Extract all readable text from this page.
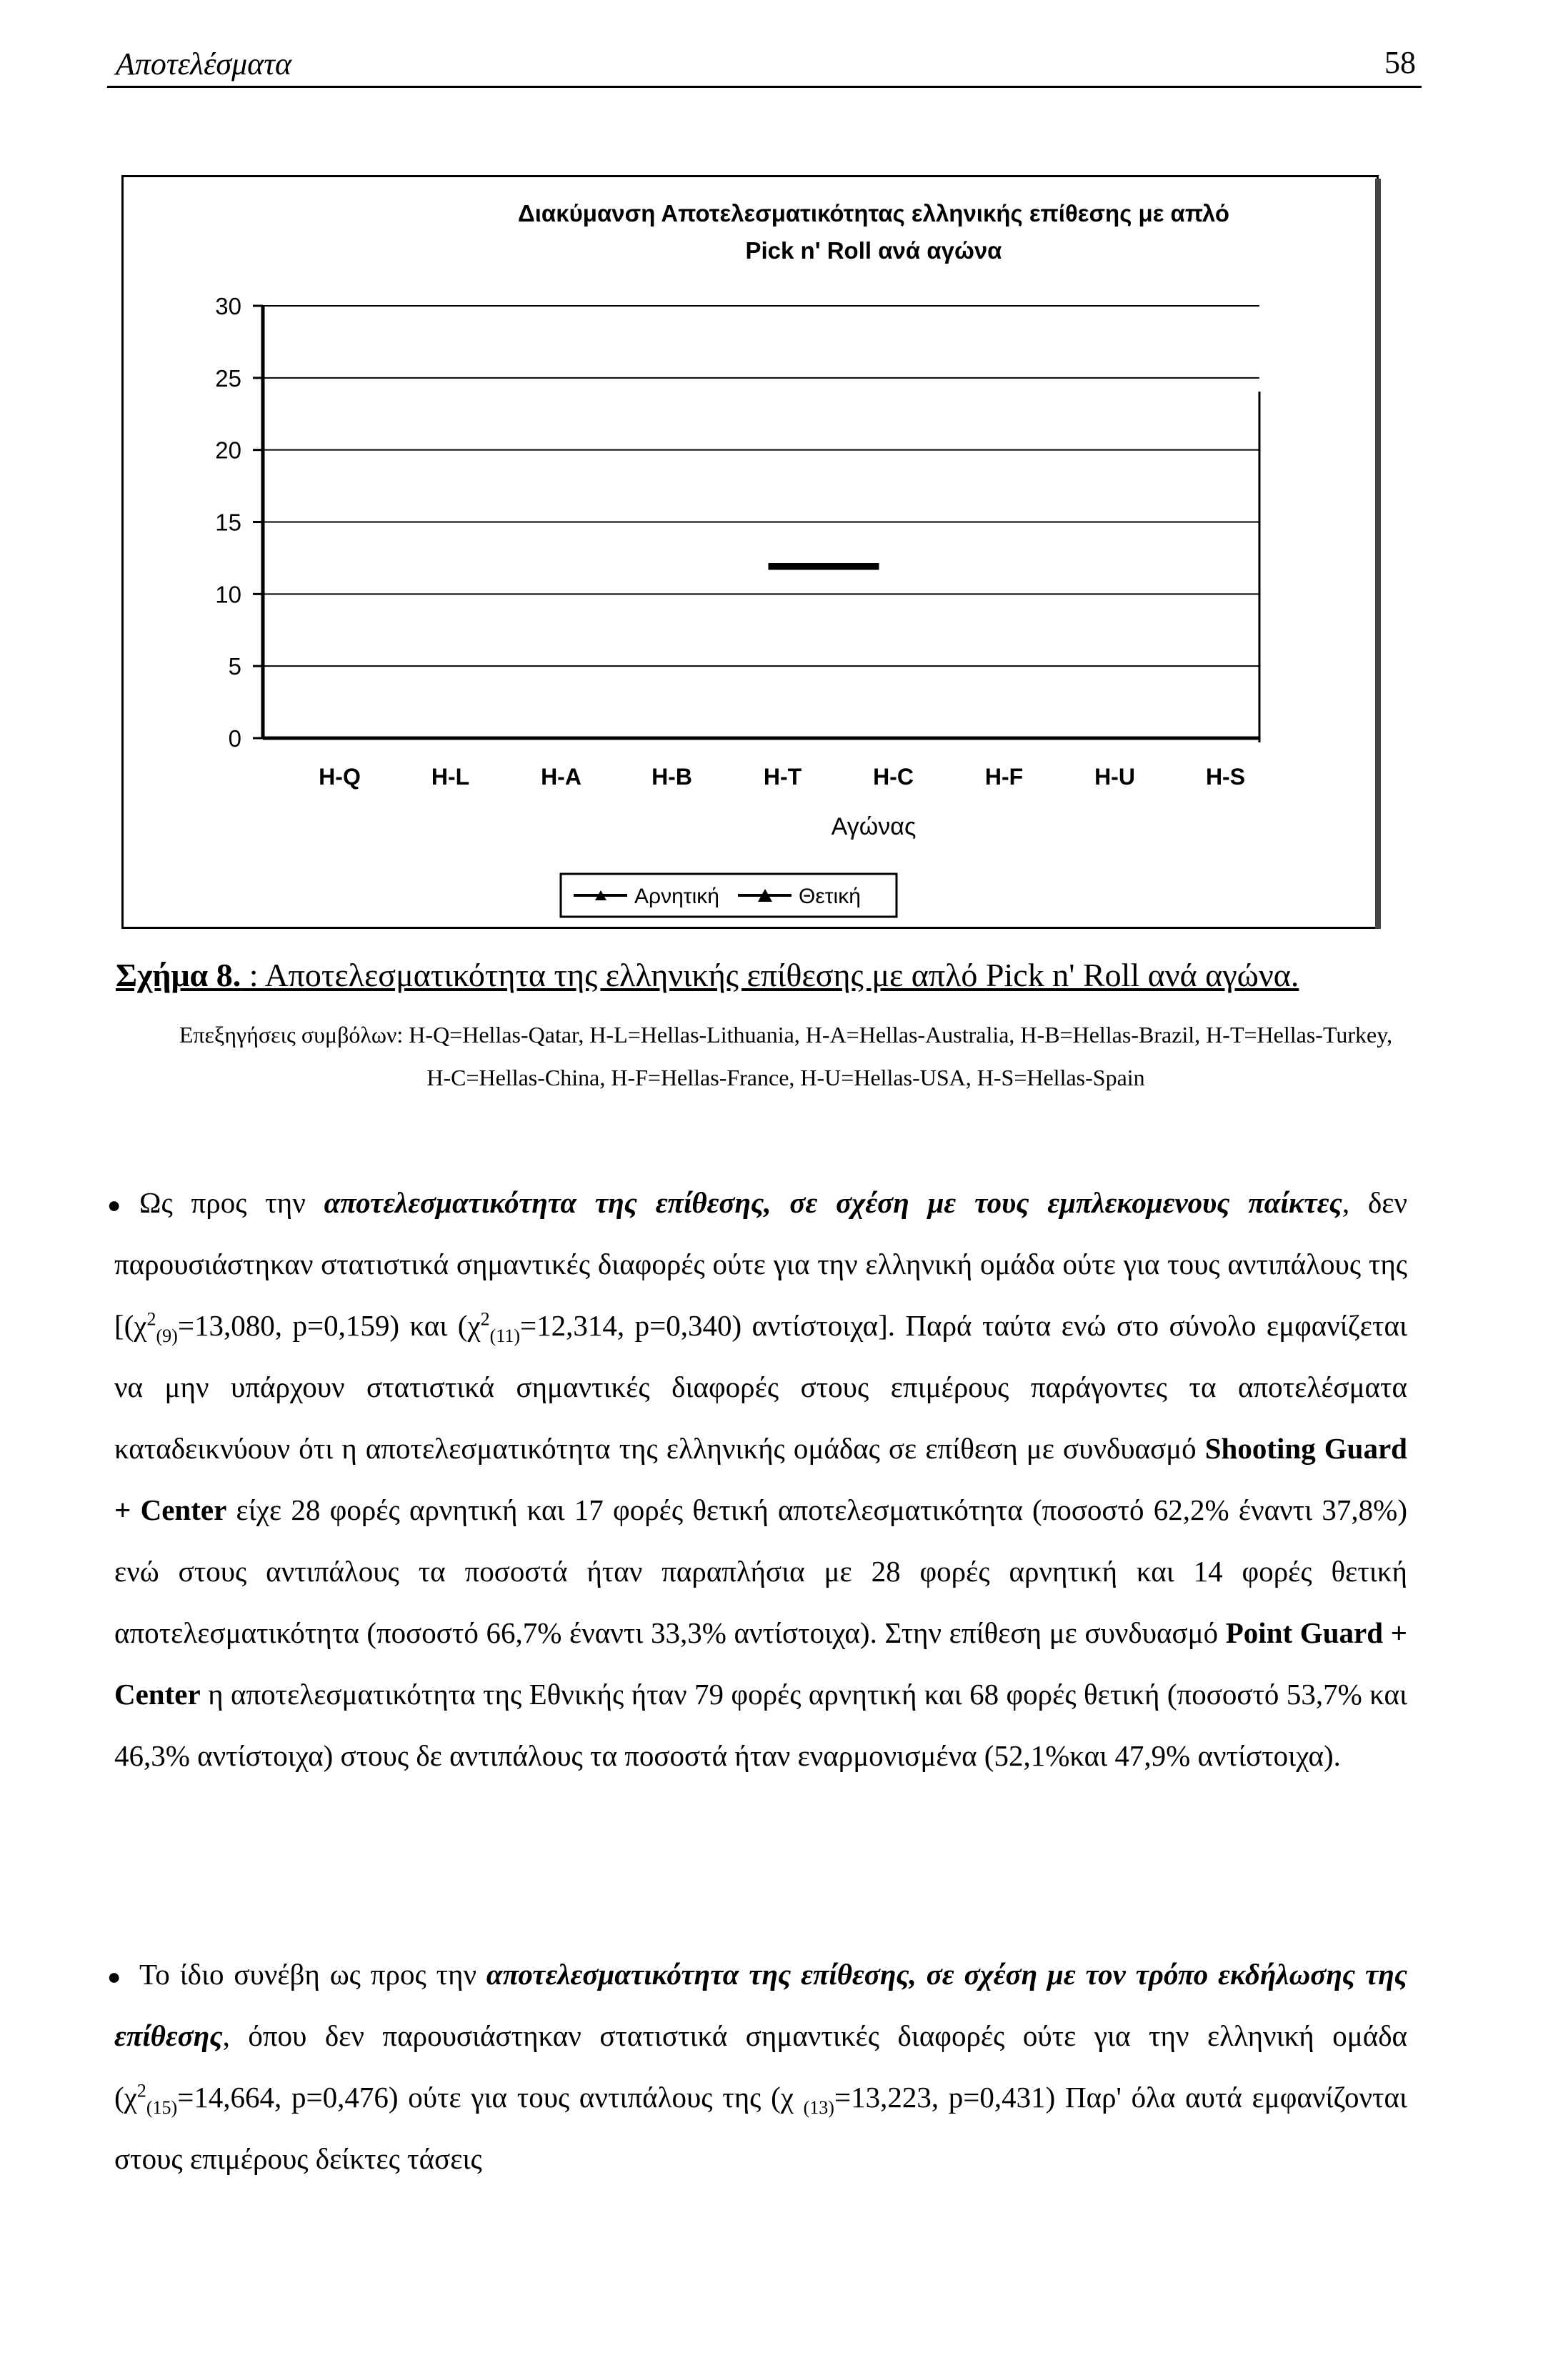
Αποτελέσματα	58
0
5
10
15
20
25
30
H-Q	H-L	H-A	H-B	H-T	H-C	H-F	H-U	H-S
Διακύμανση Αποτελεσματικότητας ελληνικής επίθεσης με απλό
Pick n' Roll ανά αγώνα
Αγώνας
Αρνητική	Θετική
Σχήμα 8. : Αποτελεσματικότητα της ελληνικής επίθεσης με απλό Pick n' Roll ανά αγώνα.
Επεξηγήσεις συμβόλων: H-Q=Hellas-Qatar, H-L=Hellas-Lithuania, H-A=Hellas-Australia, H-B=Hellas-Brazil, H-T=Hellas-Turkey,
H-C=Hellas-China, H-F=Hellas-France, H-U=Hellas-USA, H-S=Hellas-Spain
● Ως προς την αποτελεσματικότητα της επίθεσης, σε σχέση με τους εμπλεκομενους παίκτες, δεν παρουσιάστηκαν στατιστικά σημαντικές διαφορές ούτε για την ελληνική ομάδα ούτε για τους αντιπάλους της [($\chi^2_{(9)}=13,080$, p=0,159) και ($\chi^2_{(11)}=12,314$, p=0,340) αντίστοιχα]. Παρά ταύτα ενώ στο σύνολο εμφανίζεται να μην υπάρχουν στατιστικά σημαντικές διαφορές στους επιμέρους παράγοντες τα αποτελέσματα καταδεικνύουν ότι η αποτελεσματικότητα της ελληνικής ομάδας σε επίθεση με συνδυασμό Shooting Guard + Center είχε 28 φορές αρνητική και 17 φορές θετική αποτελεσματικότητα (ποσοστό 62,2% έναντι 37,8%) ενώ στους αντιπάλους τα ποσοστά ήταν παραπλήσια με 28 φορές αρνητική και 14 φορές θετική αποτελεσματικότητα (ποσοστό 66,7% έναντι 33,3% αντίστοιχα). Στην επίθεση με συνδυασμό Point Guard + Center η αποτελεσματικότητα της Εθνικής ήταν 79 φορές αρνητική και 68 φορές θετική (ποσοστό 53,7% και 46,3% αντίστοιχα) στους δε αντιπάλους τα ποσοστά ήταν εναρμονισμένα (52,1%και 47,9% αντίστοιχα).
● Το ίδιο συνέβη ως προς την αποτελεσματικότητα της επίθεσης, σε σχέση με τον τρόπο εκδήλωσης της επίθεσης, όπου δεν παρουσιάστηκαν στατιστικά σημαντικές διαφορές ούτε για την ελληνική ομάδα ($\chi^2_{(15)}=14,664$, p=0,476) ούτε για τους αντιπάλους της (χ $_{(13)}$=13,223, p=0,431) Παρ' όλα αυτά εμφανίζονται στους επιμέρους δείκτες τάσεις
